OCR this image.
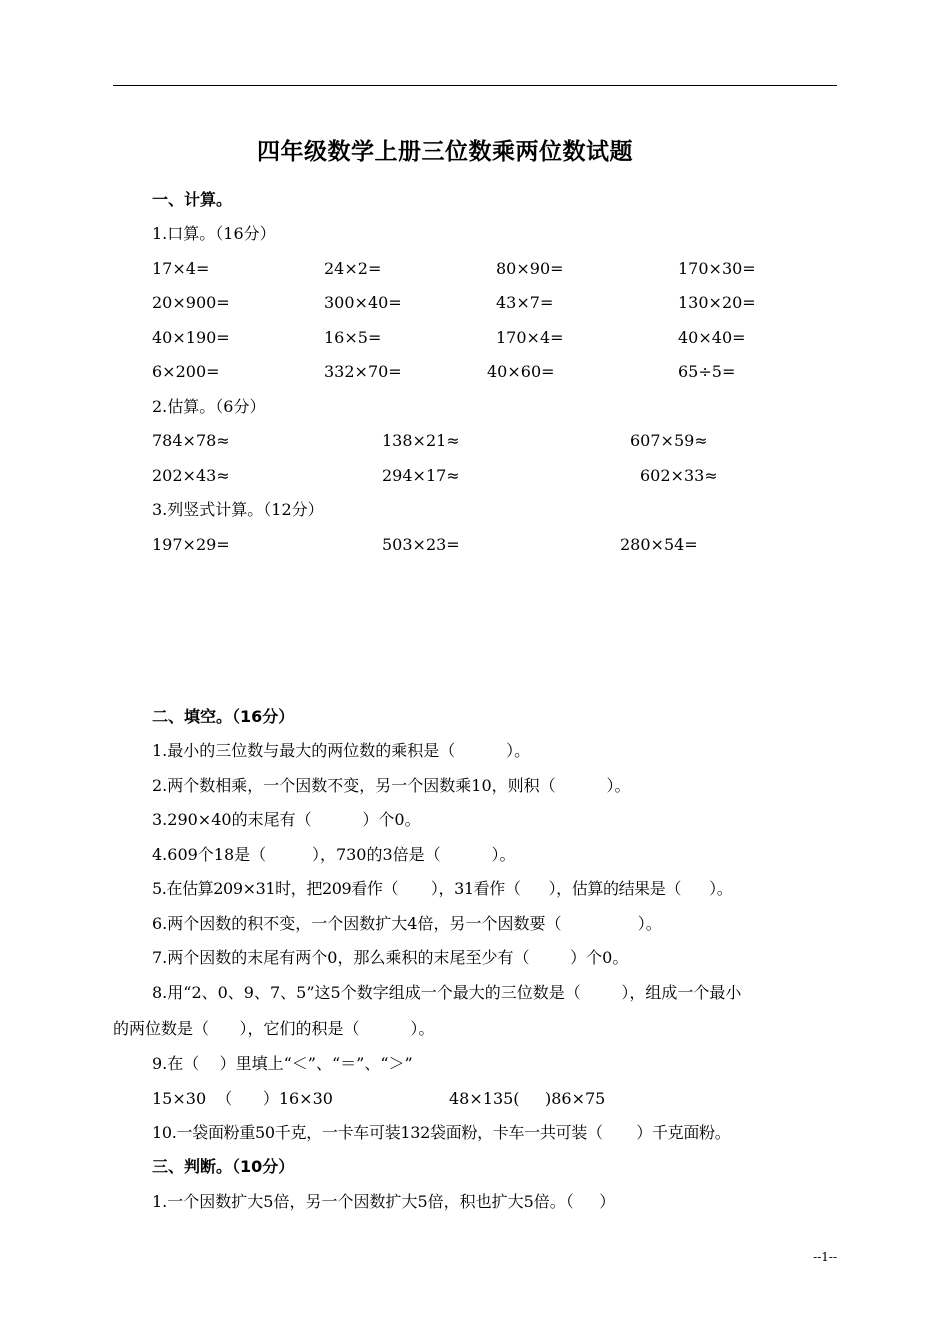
四年级数学上册三位数乘两位数试题
一、计算。
1.口算。（16分）
17×4=	24×2=	80×90=	170×30=
20×900=	300×40=	43×7=	130×20=
40×190=	16×5=	170×4=	40×40=
6×200=	332×70=	40×60=	65÷5=
2.估算。（6分）
784×78≈	138×21≈	607×59≈
202×43≈	294×17≈	602×33≈
3.列竖式计算。（12分）
197×29=	503×23=	280×54=
二、填空。（16分）
1.最小的三位数与最大的两位数的乘积是（          ）。
2.两个数相乘，一个因数不变，另一个因数乘10，则积（          ）。
3.290×40的末尾有（          ）个0。
4.609个18是（         ），730的3倍是（          ）。
5.在估算209×31时，把209看作（       ），31看作（      ），估算的结果是（      ）。
6.两个因数的积不变，一个因数扩大4倍，另一个因数要（               ）。
7.两个因数的末尾有两个0，那么乘积的末尾至少有（        ）个0。
8.用“2、0、9、7、5”这5个数字组成一个最大的三位数是（        ），组成一个最小
的两位数是（      ），它们的积是（          ）。
9.在（    ）里填上“＜”、“＝”、“＞”
15×30  （      ）16×30	48×135(     )86×75
10.一袋面粉重50千克，一卡车可装132袋面粉，卡车一共可装（       ）千克面粉。
三、判断。（10分）
1.一个因数扩大5倍，另一个因数扩大5倍，积也扩大5倍。（     ）
--1--
